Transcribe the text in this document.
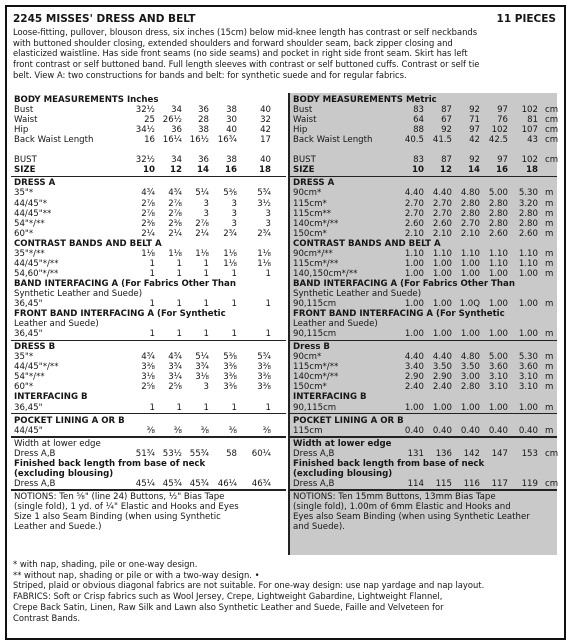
2245 MISSES' DRESS AND BELT	11 PIECES
Loose-fitting, pullover, blouson dress, six inches (15cm) below mid-knee length has contrast or self neckbands
with buttoned shoulder closing, extended shoulders and forward shoulder seam, back zipper closing and
elasticized waistline. Has side front seams (no side seams) and pocket in right side front seam. Skirt has left
front contrast or self buttoned band. Full length sleeves with contrast or self buttoned cuffs. Contrast or self tie
belt. View A: two constructions for bands and belt: for synthetic suede and for regular fabrics.
BODY MEASUREMENTS Inches
Bust	32½	34	36	38	40
Waist	25 26½	28	30	32
Hip	34½	36	38	40	42
Back Waist Length	16 16¼ 16½	16¾	17
BUST	32½	34	36	38	40
SIZE	10	12	14	16	18
DRESS A
35"*	4¾	4¾	5¼	5⅜	5¾
44/45"*	2⅞	2⅞	3	3	3½
44/45"**	2⅞	2⅞	3	3	3
54"*/**	2⅜	2⅜	2⅞	3	3
60"*	2¼	2¼	2¼	2¾	2¾
CONTRAST BANDS AND BELT A
35"*/**	1⅛	1⅛	1⅛	1⅛	1⅛
44/45"*/**	1	1	1	1⅛	1⅛
54,60"*/**	1	1	1	1	1
BAND INTERFACING A (For Fabrics Other Than
Synthetic Leather and Suede)
36,45"	1	1	1	1	1
FRONT BAND INTERFACING A (For Synthetic
Leather and Suede)
36,45"	1	1	1	1	1
DRESS B
35"*	4¾	4¾	5¼	5⅜	5¾
44/45"*/**	3⅜	3¾	3¾	3⅜	3⅜
54"*/**	3⅛	3¼	3⅛	3⅜	3⅜
60"*	2⅝	2⅝	3	3⅜	3⅜
INTERFACING B
36,45"	1	1	1	1	1
POCKET LINING A OR B
44/45"	⅜	⅜	⅜	⅜	⅜
Width at lower edge
Dress A,B	51¾ 53½ 55¾	58	60¼
Finished back length from base of neck
(excluding blousing)
Dress A,B	45¼ 45¾ 45¾	46¼	46¾
NOTIONS: Ten ⅝" (line 24) Buttons, ½" Bias Tape
(single fold), 1 yd. of ¼" Elastic and Hooks and Eyes
Size 1 also Seam Binding (when using Synthetic
Leather and Suede.)
BODY MEASUREMENTS Metric
Bust	83	87	92	97	102 cm
Waist	64	67	71	76	81 cm
Hip	88	92	97	102	107 cm
Back Waist Length	40.5	41.5	42	42.5	43 cm
BUST	83	87	92	97	102 cm
SIZE	10	12	14	16	18
DRESS A
90cm*	4.40	4.40	4.80	5.00	5.30 m
115cm*	2.70	2.70	2.80	2.80	3.20 m
115cm**	2.70	2.70	2.80	2.80	2.80 m
140cm*/**	2.60	2.60	2.70	2.80	2.80 m
150cm*	2.10	2.10	2.10	2.60	2.60 m
CONTRAST BANDS AND BELT A
90cm*/**	1.10	1.10	1.10	1.10	1.10 m
115cm*/**	1.00	1.00	1.00	1.10	1.10 m
140,150cm*/**	1.00	1.00	1.00	1.00	1.00 m
BAND INTERFACING A (For Fabrics Other Than
Synthetic Leather and Suede)
90,115cm	1.00	1.00 1.0Q	1.00	1.00 m
FRONT BAND INTERFACING A (For Synthetic
Leather and Suede)
90,115cm	1.00	1.00	1.00	1.00	1.00 m
Dress B
90cm*	4.40	4.40	4.80	5.00	5.30 m
115cm*/**	3.40	3.50	3.50	3.60	3.60 m
140cm*/**	2.90	2.90	3.00	3.10	3.10 m
150cm*	2.40	2.40	2.80	3.10	3.10 m
INTERFACING B
90,115cm	1.00	1.00	1.00	1.00	1.00 m
POCKET LINING A OR B
115cm	0.40	0.40	0.40	0.40	0.40 m
Width at lower edge
Dress A,B	131	136	142	147	153 cm
Finished back length from base of neck
(excluding blousing)
Dress A,B	114	115	116	117	119 cm
NOTIONS: Ten 15mm Buttons, 13mm Bias Tape
(single fold), 1.00m of 6mm Elastic and Hooks and
Eyes also Seam Binding (when using Synthetic Leather
and Suede).
* with nap, shading, pile or one-way design.
** without nap, shading or pile or with a two-way design. •
Striped, plaid or obvious diagonal fabrics are not suitable. For one-way design: use nap yardage and nap layout.
FABRICS: Soft or Crisp fabrics such as Wool Jersey, Crepe, Lightweight Gabardine, Lightweight Flannel,
Crepe Back Satin, Linen, Raw Silk and Lawn also Synthetic Leather and Suede, Faille and Velveteen for
Contrast Bands.
